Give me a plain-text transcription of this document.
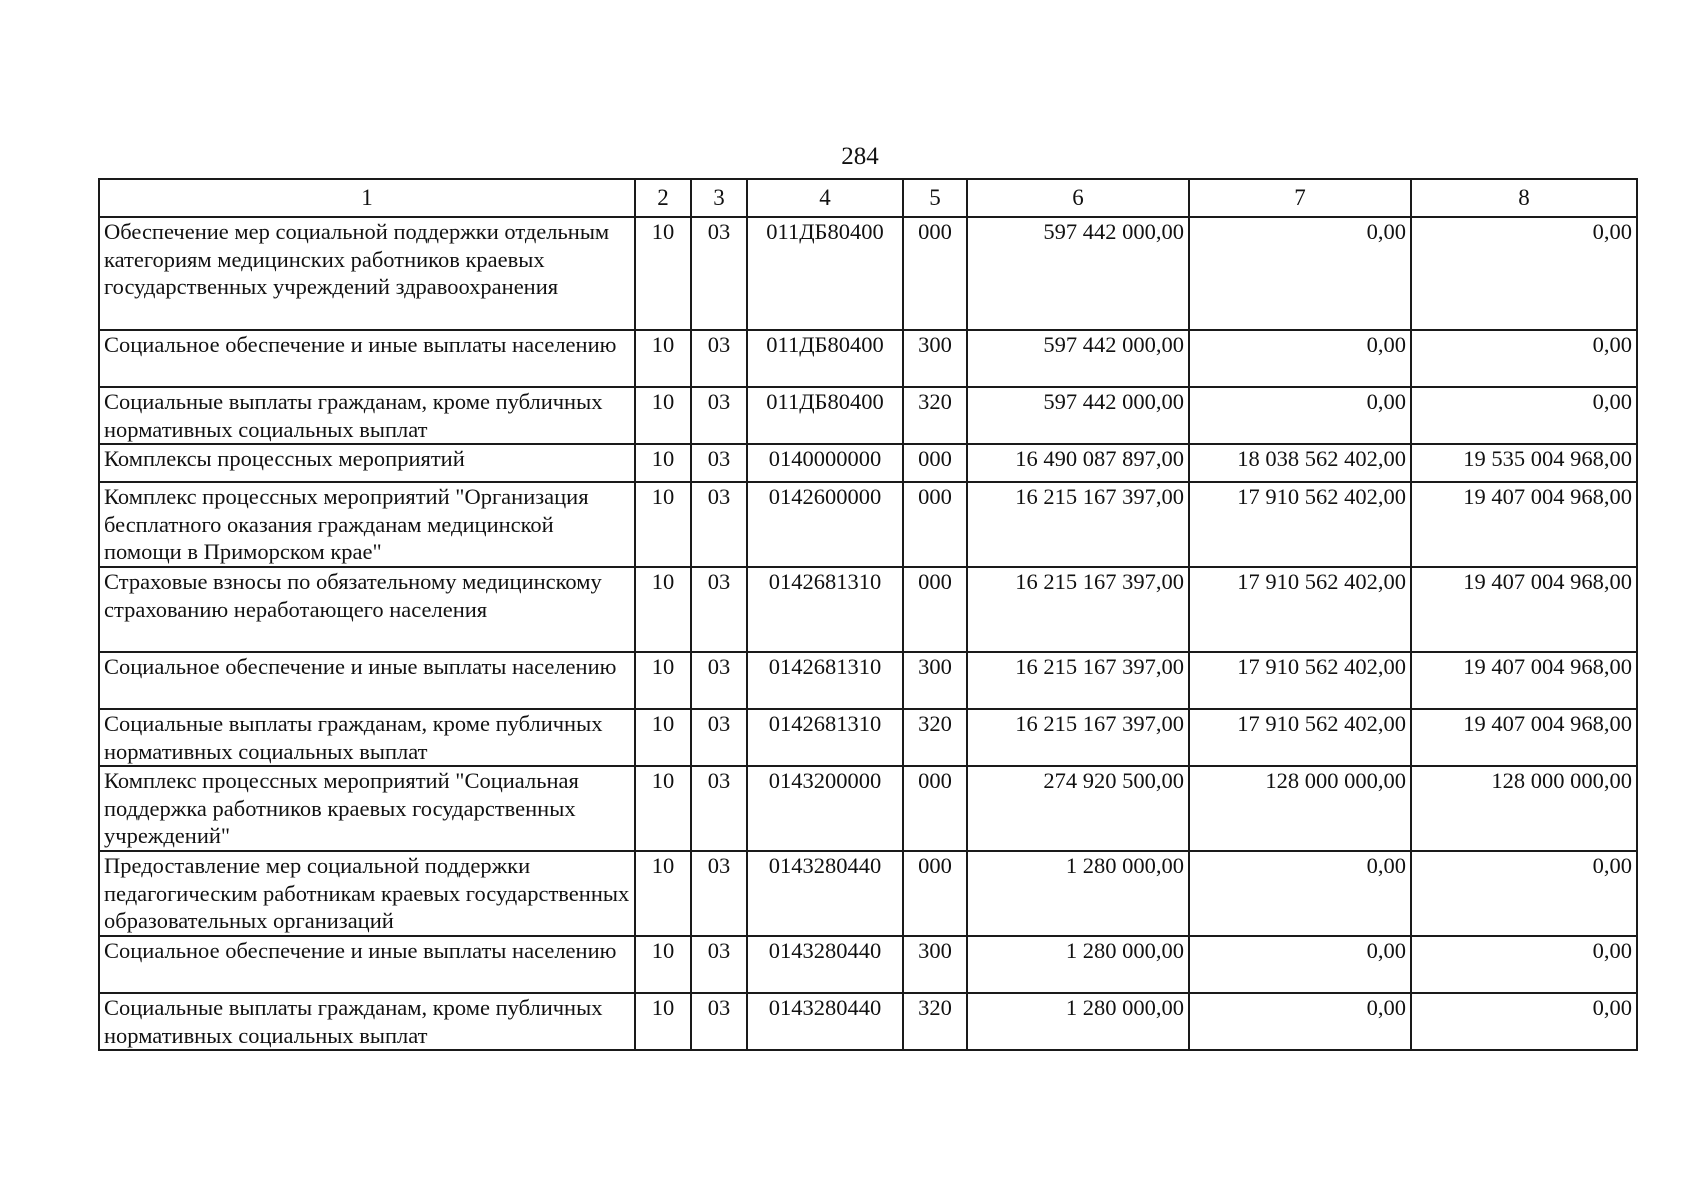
284
1	2	3	4	5	6	7	8
Обеспечение мер социальной поддержки отдельным категориям медицинских работников краевых государственных учреждений здравоохранения	10	03	011ДБ80400	000	597 442 000,00	0,00	0,00
Социальное обеспечение и иные выплаты населению	10	03	011ДБ80400	300	597 442 000,00	0,00	0,00
Социальные выплаты гражданам, кроме публичных нормативных социальных выплат	10	03	011ДБ80400	320	597 442 000,00	0,00	0,00
Комплексы процессных мероприятий	10	03	0140000000	000	16 490 087 897,00	18 038 562 402,00	19 535 004 968,00
Комплекс процессных мероприятий "Организация бесплатного оказания гражданам медицинской помощи в Приморском крае"	10	03	0142600000	000	16 215 167 397,00	17 910 562 402,00	19 407 004 968,00
Страховые взносы по обязательному медицинскому страхованию неработающего населения	10	03	0142681310	000	16 215 167 397,00	17 910 562 402,00	19 407 004 968,00
Социальное обеспечение и иные выплаты населению	10	03	0142681310	300	16 215 167 397,00	17 910 562 402,00	19 407 004 968,00
Социальные выплаты гражданам, кроме публичных нормативных социальных выплат	10	03	0142681310	320	16 215 167 397,00	17 910 562 402,00	19 407 004 968,00
Комплекс процессных мероприятий "Социальная поддержка работников краевых государственных учреждений"	10	03	0143200000	000	274 920 500,00	128 000 000,00	128 000 000,00
Предоставление мер социальной поддержки педагогическим работникам краевых государственных образовательных организаций	10	03	0143280440	000	1 280 000,00	0,00	0,00
Социальное обеспечение и иные выплаты населению	10	03	0143280440	300	1 280 000,00	0,00	0,00
Социальные выплаты гражданам, кроме публичных нормативных социальных выплат	10	03	0143280440	320	1 280 000,00	0,00	0,00
